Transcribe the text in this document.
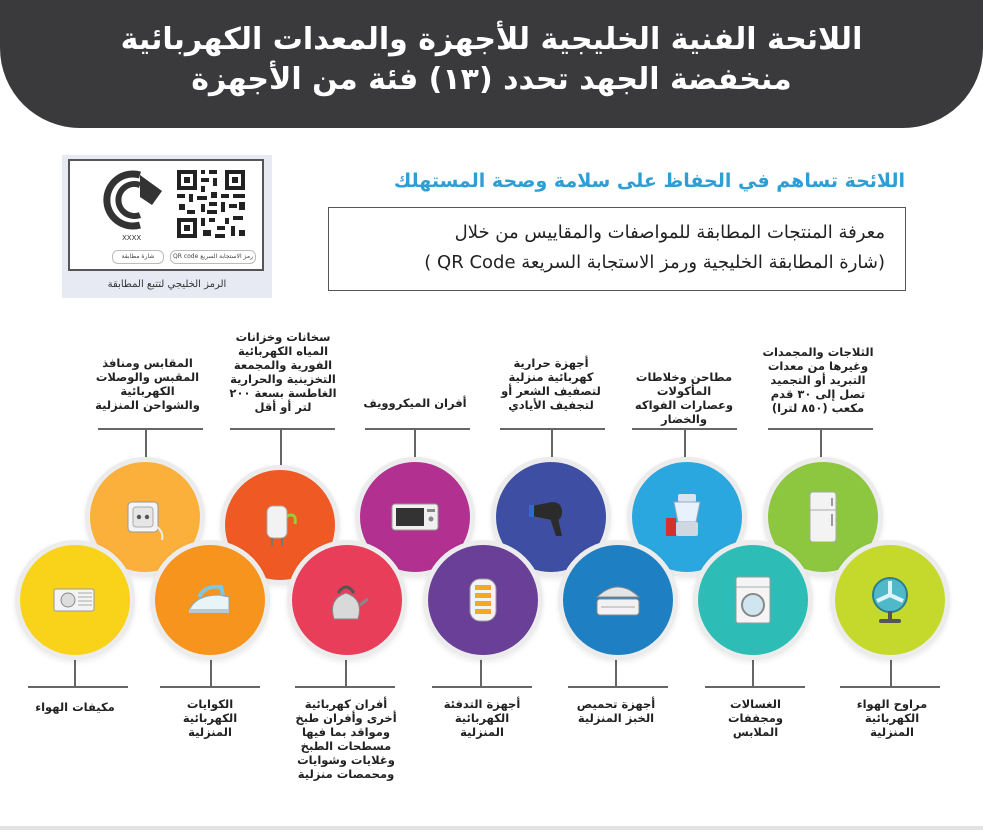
اللائحة الفنية الخليجية للأجهزة والمعدات الكهربائية
منخفضة الجهد تحدد (١٣) فئة من الأجهزة
XXXX
شارة مطابقة	رمز الاستجابة السريع QR code
الرمز الخليجي لتتبع المطابقة
اللائحة تساهم في الحفاظ على سلامة وصحة المستهلك
معرفة المنتجات المطابقة للمواصفات والمقاييس من خلال
(شارة المطابقة الخليجية ورمز الاستجابة السريعة QR Code )
المقابس ومنافذ المقبس والوصلات الكهربائية والشواحن المنزلية
سخانات وخزانات المياه الكهربائية الفورية والمجمعة التخزينية والحرارية الغاطسة بسعة ٢٠٠ لتر أو أقل	أفران الميكروويف
أجهزة حرارية كهربائية منزلية لتصفيف الشعر أو لتجفيف الأيادي
مطاحن وخلاطات المأكولات وعصارات الفواكه والخضار
الثلاجات والمجمدات وغيرها من معدات التبريد أو التجميد تصل إلى ٣٠ قدم مكعب (٨٥٠ لترا)
مكيفات الهواء	الكوايات الكهربائية المنزلية
أفران كهربائية أخرى وأفران طبخ ومواقد بما فيها مسطحات الطبخ وغلايات وشوايات ومحمصات منزلية
أجهزة التدفئة الكهربائية المنزلية
أجهزة تحميص الخبز المنزلية
الغسالات ومجففات الملابس
مراوح الهواء الكهربائية المنزلية
